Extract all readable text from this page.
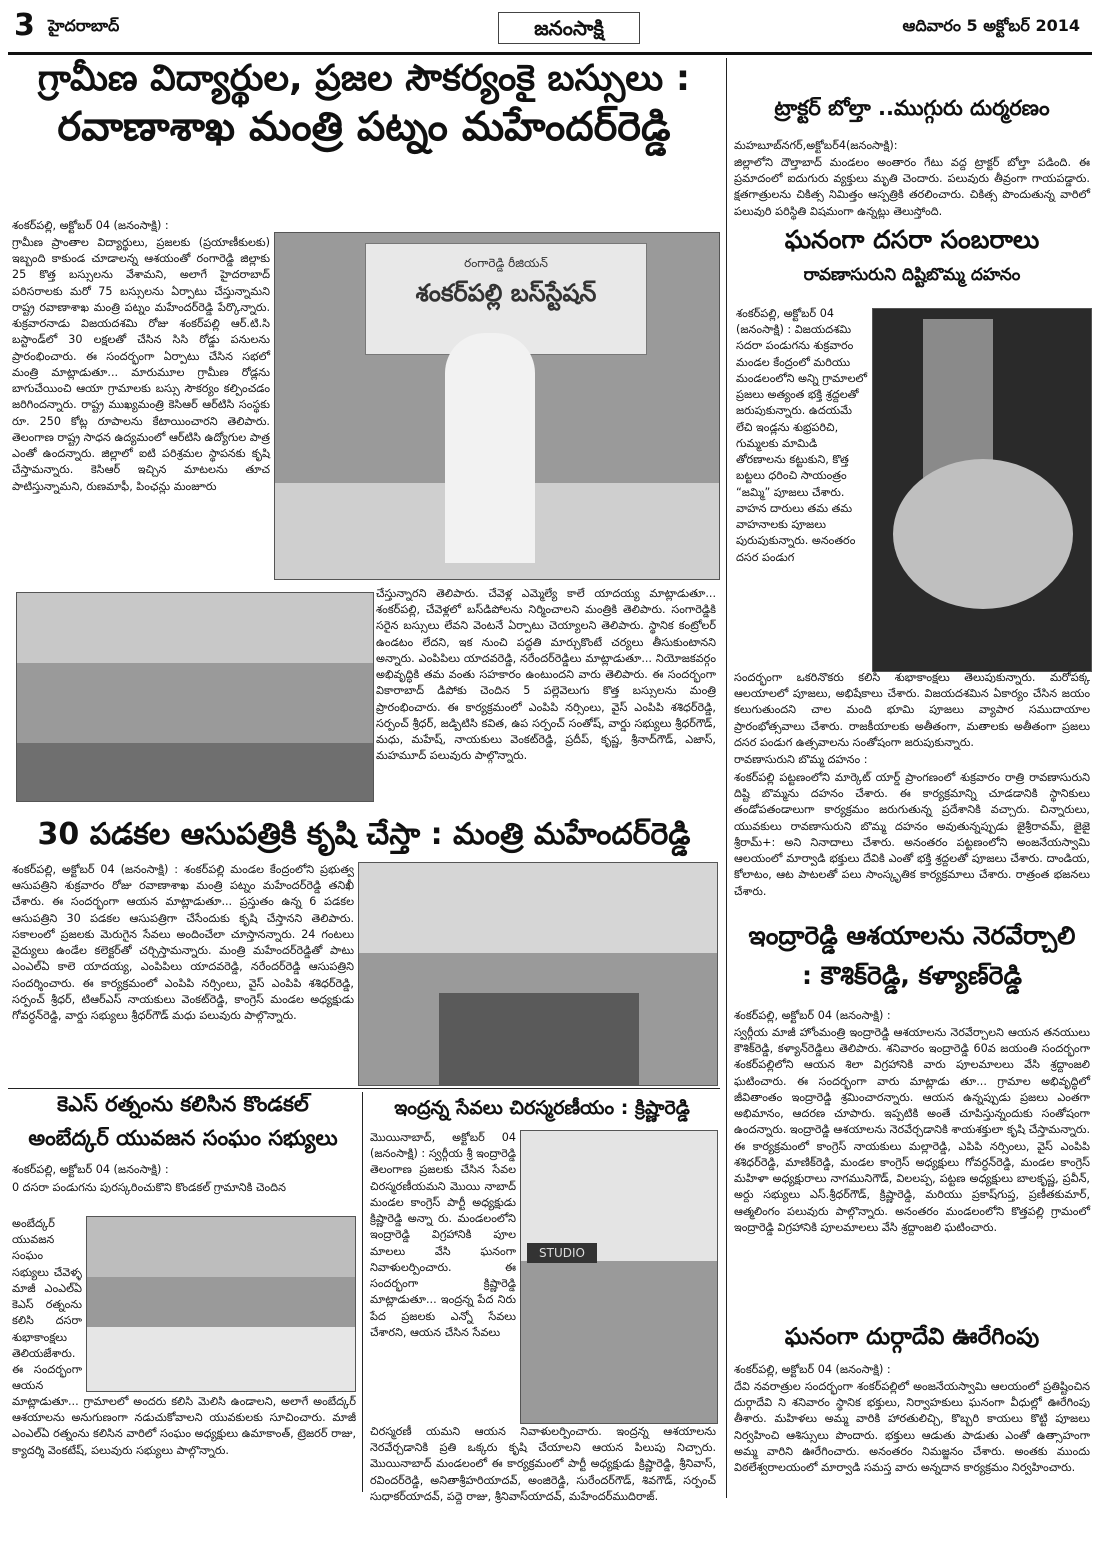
3 హైదరాబాద్	జనంసాక్షి	ఆదివారం 5 అక్టోబర్ 2014
గ్రామీణ విద్యార్థుల, ప్రజల సౌకర్యంకై బస్సులు :
రవాణాశాఖ మంత్రి పట్నం మహేందర్‌రెడ్డి
శంకర్‌పల్లి, అక్టోబర్ 04 (జనంసాక్షి) :
గ్రామీణ ప్రాంతాల విద్యార్థులు, ప్రజలకు (ప్రయాణీకులకు) ఇబ్బంది కాకుండ చూడాలన్న ఆశయంతో రంగారెడ్డి జిల్లాకు 25 కొత్త బస్సులను వేశామని, అలాగే హైదరాబాద్ పరిసరాలకు మరో 75 బస్సులను ఏర్పాటు చేస్తున్నామని రాష్ట్ర రవాణాశాఖ మంత్రి పట్నం మహేందర్‌రెడ్డి పేర్కొన్నారు. శుక్రవారనాడు విజయదశమి రోజు శంకర్‌పల్లి ఆర్.టి.సి బస్టాండ్‌లో 30 లక్షలతో చేసిన సిసి రోడ్డు పనులను ప్రారంభించారు. ఈ సందర్భంగా ఏర్పాటు చేసిన సభలో మంత్రి మాట్లాడుతూ... మారుమూల గ్రామీణ రోడ్లను బాగుచేయించి ఆయా గ్రామాలకు బస్సు సౌకర్యం కల్పించడం జరిగిందన్నారు. రాష్ట్ర ముఖ్యమంత్రి కెసిఆర్ ఆర్‌టిసి సంస్థకు రూ. 250 కోట్ల రూపాలను కేటాయించారని తెలిపారు. తెలంగాణ రాష్ట్ర సాధన ఉద్యమంలో ఆర్‌టిసి ఉద్యోగుల పాత్ర ఎంతో ఉందన్నారు. జిల్లాలో ఐటి పరిశ్రమల స్థాపనకు కృషి చేస్తామన్నారు. కెసిఆర్ ఇచ్చిన మాటలను తూచ పాటిస్తున్నామని, రుణమాఫీ, పింఛన్లు మంజూరు
రంగారెడ్డి రీజియన్
శంకర్‌పల్లి బస్‌స్టేషన్
చేస్తున్నారని తెలిపారు. చేవెళ్ల ఎమ్మెల్యే కాలే యాదయ్య మాట్లాడుతూ... శంకర్‌పల్లి, చేవెళ్లలో బస్‌డిపోలను నిర్మించాలని మంత్రికి తెలిపారు. సంగారెడ్డికి సరైన బస్సులు లేవని వెంటనే ఏర్పాటు చెయ్యాలని తెలిపారు. స్థానిక కంట్రోలర్ ఉండటం లేదని, ఇక నుంచి పద్ధతి మార్చుకొంటే చర్యలు తీసుకుంటానని అన్నారు. ఎంపిపిలు యాదవరెడ్డి, నరేందర్‌రెడ్డిలు మాట్లాడుతూ... నియోజకవర్గం అభివృద్ధికి తమ వంతు సహకారం ఉంటుందని వారు తెలిపారు. ఈ సందర్భంగా వికారాబాద్ డిపోకు చెందిన 5 పల్లెవెలుగు కొత్త బస్సులను మంత్రి ప్రారంభించారు. ఈ కార్యక్రమంలో ఎంపిపి నర్సింలు, వైస్ ఎంపిపి శశిధర్‌రెడ్డి, సర్పంచ్ శ్రీధర్, జడ్పిటిసి కవిత, ఉప సర్పంచ్ సంతోష్, వార్డు సభ్యులు శ్రీధర్‌గౌడ్, మధు, మహేష్, నాయకులు వెంకట్‌రెడ్డి, ప్రదీప్, కృష్ణ, శ్రీనాద్‌గౌడ్, ఎజాస్, మహమూద్ పలువురు పాల్గొన్నారు.
30 పడకల ఆసుపత్రికి కృషి చేస్తా : మంత్రి మహేందర్‌రెడ్డి
శంకర్‌పల్లి, అక్టోబర్ 04 (జనంసాక్షి) : శంకర్‌పల్లి మండల కేంద్రంలోని ప్రభుత్వ ఆసుపత్రిని శుక్రవారం రోజు రవాణాశాఖ మంత్రి పట్నం మహేందర్‌రెడ్డి తనిఖీ చేశారు. ఈ సందర్భంగా ఆయన మాట్లాడుతూ... ప్రస్తుతం ఉన్న 6 పడకల ఆసుపత్రిని 30 పడకల ఆసుపత్రిగా చేసేందుకు కృషి చేస్తానని తెలిపారు. సకాలంలో ప్రజలకు మెరుగైన సేవలు అందించేలా చూస్తానన్నారు. 24 గంటలు వైద్యులు ఉండేల కలెక్టర్‌తో చర్చిస్తామన్నారు. మంత్రి మహేందర్‌రెడ్డితో పాటు ఎంఎల్‌ఏ కాలె యాదయ్య, ఎంపిపిలు యాదవరెడ్డి, నరేందర్‌రెడ్డి ఆసుపత్రిని సందర్శించారు. ఈ కార్యక్రమంలో ఎంపిపి నర్సింలు, వైస్ ఎంపిపి శశిధర్‌రెడ్డి, సర్పంచ్ శ్రీధర్, టిఆర్‌ఎస్ నాయకులు వెంకట్‌రెడ్డి, కాంగ్రెస్ మండల అధ్యక్షుడు గోవర్ధన్‌రెడ్డి, వార్డు సభ్యులు శ్రీధర్‌గౌడ్ మధు పలువురు పాల్గొన్నారు.
కెఎస్ రత్నంను కలిసిన కొండకల్
అంబేద్కర్ యువజన సంఘం సభ్యులు
శంకర్‌పల్లి, అక్టోబర్ 04 (జనంసాక్షి) :
0 దసరా పండుగను పురస్కరించుకొని కొండకల్ గ్రామానికి చెందిన
అంబేద్కర్ యువజన సంఘం సభ్యులు చేవెళ్ళ మాజీ ఎంఎల్‌ఏ కెఎస్ రత్నంను కలిసి దసరా శుభాకాంక్షలు తెలియజేశారు. ఈ సందర్భంగా ఆయన
మాట్లాడుతూ... గ్రామాలలో అందరు కలిసి మెలిసి ఉండాలని, అలాగే అంబేద్కర్ ఆశయాలను అనుగుణంగా నడుచుకోవాలని యువకులకు సూచించారు. మాజీ ఎంఎల్‌ఏ రత్నంను కలిసిన వారిలో సంఘం అధ్యక్షులు ఉమాకాంత్, ట్రెజరర్ రాజు, క్యాదర్శి వెంకటేష్, పలువురు సభ్యులు పాల్గొన్నారు.
ఇంద్రన్న సేవలు చిరస్మరణీయం : క్రిష్ణారెడ్డి
మొయినాబాద్, అక్టోబర్ 04 (జనంసాక్షి) : స్వర్గీయ శ్రీ ఇంద్రారెడ్డి తెలంగాణ ప్రజలకు చేసిన సేవల చిరస్మరణీయమని మొయి నాబాద్ మండల కాంగ్రెస్ పార్టీ అధ్యక్షుడు క్రిష్ణారెడ్డి అన్నా రు. మండలంలోని ఇంద్రారెడ్డి విగ్రహానికి పూల మాలలు వేసి ఘనంగా నివాళులర్పించారు. ఈ సందర్భంగా క్రిష్ణారెడ్డి మాట్లాడుతూ... ఇంద్రన్న పేద నిరు పేద ప్రజలకు ఎన్నో సేవలు చేశారని, ఆయన చేసిన సేవలు
STUDIO
చిరస్మరణీ యమని ఆయన నివాళులర్పించారు. ఇంద్రన్న ఆశయాలను నెరవేర్చడానికి ప్రతి ఒక్కరు కృషి చేయాలని ఆయన పిలుపు నిచ్చారు. మొయినాబాద్ మండలంలో ఈ కార్యక్రమంలో పార్టీ అధ్యక్షుడు క్రిష్ణారెడ్డి, శ్రీనివాస్, రవిందర్‌రెడ్డి, అనితాశ్రీహరియాదవ్, అంజిరెడ్డి, సురేందర్‌గౌడ్, శివగౌడ్, సర్పంచ్ సుధాకర్‌యాదవ్, పద్దె రాజు, శ్రీనివాస్‌యాదవ్, మహేందర్‌ముదిరాజ్.
ట్రాక్టర్ బోల్తా ..ముగ్గురు దుర్మరణం
మహబూబ్‌నగర్,అక్టోబర్4(జనంసాక్షి):
జిల్లాలోని దౌల్తాబాద్ మండలం అంతారం గేటు వద్ద ట్రాక్టర్ బోల్తా పడింది. ఈ ప్రమాదంలో ఐదుగురు వ్యక్తులు మృతి చెందారు. పలువురు తీవ్రంగా గాయపడ్డారు. క్షతగాత్రులను చికిత్స నిమిత్తం ఆస్పత్రికి తరలించారు. చికిత్స పొందుతున్న వారిలో పలువురి పరిస్థితి విషమంగా ఉన్నట్లు తెలుస్తోంది.
ఘనంగా దసరా సంబరాలు
రావణాసురుని దిష్టిబొమ్మ దహనం
శంకర్‌పల్లి, అక్టోబర్ 04 (జనంసాక్షి) : విజయదశమి సదరా పండుగను శుక్రవారం మండల కేంద్రంలో మరియు మండలంలోని అన్ని గ్రామాలలో ప్రజలు అత్యంత భక్తి శ్రద్దలతో జరుపుకున్నారు. ఉదయమే లేచి ఇండ్లను శుభ్రపరిచి, గుమ్మలకు మామిడి తోరణాలను కట్టుకుని, కొత్త బట్టలు ధరించి సాయంత్రం “జమ్మి” పూజలు చేశారు. వాహన దారులు తమ తమ వాహనాలకు పూజలు పురుపుకున్నారు. అనంతరం దసర పండుగ
సందర్భంగా ఒకరినొకరు కలిసి శుభాకాంక్షలు తెలుపుకున్నారు. మరోపక్క ఆలయాలలో పూజలు, అభిషేకాలు చేశారు. విజయదశమిన ఏకార్యం చేసిన జయం కలుగుతుందని చాల మంది భూమి పూజలు వ్యాపార సముదాయాల ప్రారంభోత్సవాలు చేశారు. రాజకీయాలకు అతీతంగా, మతాలకు అతీతంగా ప్రజలు దసర పండుగ ఉత్సవాలను సంతోషంగా జరుపుకున్నారు.
రావణాసురుని బొమ్మ దహనం :
శంకర్‌పల్లి పట్టణంలోని మార్కెట్ యార్డ్ ప్రాంగణంలో శుక్రవారం రాత్రి రావణాసురుని దిష్టి బొమ్మను దహనం చేశారు. ఈ కార్యక్రమాన్ని చూడడానికి స్థానికులు తండోపతండాలుగా కార్యక్రమం జరుగుతున్న ప్రదేశానికి వచ్చారు. చిన్నారులు, యువకులు రావణాసురుని బొమ్మ దహనం అవుతున్నప్పుడు జైశ్రీరావమ్, జైజై శ్రీరామ్+: అని నినాదాలు చేశారు. అనంతరం పట్టణంలోని అంజనేయస్వామి ఆలయంలో మార్వాడి భక్తులు దేవికి ఎంతో భక్తి శ్రద్దలతో పూజలు చేశారు. దాండియ, కోలాటం, ఆట పాటలతో పలు సాంస్కృతిక కార్యక్రమాలు చేశారు. రాత్రంత భజనలు చేశారు.
ఇంద్రారెడ్డి ఆశయాలను నెరవేర్చాలి
: కౌశిక్‌రెడ్డి, కళ్యాణ్‌రెడ్డి
శంకర్‌పల్లి, అక్టోబర్ 04 (జనంసాక్షి) :
స్వర్గీయ మాజీ హోంమంత్రి ఇంద్రారెడ్డి ఆశయాలను నెరవేర్చాలని ఆయన తనయులు కౌశిక్‌రెడ్డి, కళ్యాన్‌రెడ్డిలు తెలిపారు. శనివారం ఇంద్రారెడ్డి 60వ జయంతి సందర్భంగా శంకర్‌పల్లిలోని ఆయన శిలా విగ్రహానికి వారు పూలమాలలు వేసి శ్రద్దాంజలి ఘటించారు. ఈ సందర్భంగా వారు మాట్లాడు తూ... గ్రామాల అభివృద్ధిలో జీవితాంతం ఇంద్రారెడ్డి శ్రమించారన్నారు. ఆయన ఉన్నప్పుడు ప్రజలు ఎంతగా అభిమానం, ఆదరణ చూపారు. ఇప్పటికి అంతే చూపిస్తున్నందుకు సంతోషంగా ఉందన్నారు. ఇంద్రారెడ్డి ఆశయాలను నెరవేర్చడానికి శాయశక్తులా కృషి చేస్తామన్నారు. ఈ కార్యక్రమంలో కాంగ్రెస్ నాయకులు మల్లారెడ్డి, ఎపిపి నర్సింలు, వైస్ ఎంపిపి శశిధర్‌రెడ్డి, మాణిక్‌రెడ్డి, మండల కాంగ్రెస్ అధ్యక్షులు గోవర్ధన్‌రెడ్డి, మండల కాంగ్రెస్ మహిళా అధ్యక్షురాలు నాగమునిగౌడ్, విలలప్ప, పట్టణ అధ్యక్షులు బాలకృష్ణ, ప్రవీన్, అర్దు సభ్యులు ఎస్.శ్రీధర్‌గౌడ్, క్రిష్ణారెడ్డి, మరియు ప్రకాష్‌గుప్త, ప్రణీతకుమార్, ఆత్మలింగం పలువురు పాల్గొన్నారు. అనంతరం మండలంలోని కొత్తపల్లి గ్రామంలో ఇంద్రారెడ్డి విగ్రహానికి పూలమాలలు వేసి శ్రద్దాంజలి ఘటించారు.
ఘనంగా దుర్గాదేవి ఊరేగింపు
శంకర్‌పల్లి, అక్టోబర్ 04 (జనంసాక్షి) :
దేవి నవరాత్రుల సందర్భంగా శంకర్‌పల్లిలో అంజనేయస్వామి ఆలయంలో ప్రతిష్టించిన దుర్గాదేవి ని శనివారం స్థానిక భక్తులు, నిర్వాహకులు ఘనంగా వీధుల్లో ఊరేగింపు తీశారు. మహిళలు అమ్మ వారికి హారతులిచ్చి, కొబ్బరి కాయలు కొట్టి పూజలు నిర్వహించి ఆశిస్సులు పొందారు. భక్తులు ఆడుతు పాడుతు ఎంతో ఉత్సాహంగా అమ్మ వారిని ఊరేగించారు. అనంతరం నిమజ్జనం చేశారు. అంతకు ముందు విఠలేశ్వరాలయంలో మార్వాడి సమస్త వారు అన్నదాన కార్యక్రమం నిర్వహించారు.
